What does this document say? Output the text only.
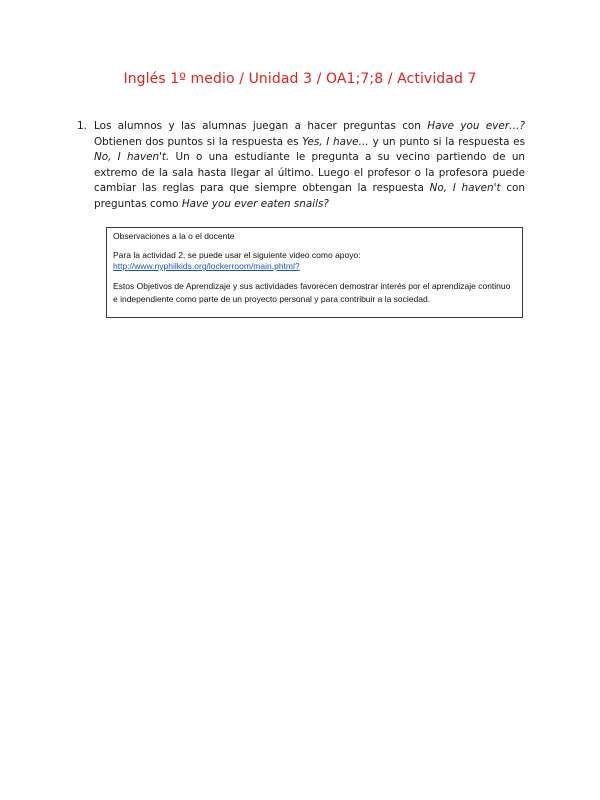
Inglés 1º medio / Unidad 3 / OA1;7;8 / Actividad 7
1. Los alumnos y las alumnas juegan a hacer preguntas con Have you ever…? Obtienen dos puntos si la respuesta es Yes, I have… y un punto si la respuesta es No, I haven't. Un o una estudiante le pregunta a su vecino partiendo de un extremo de la sala hasta llegar al último. Luego el profesor o la profesora puede cambiar las reglas para que siempre obtengan la respuesta No, I haven't con preguntas como Have you ever eaten snails?

Observaciones a la o el docente

Para la actividad 2, se puede usar el siguiente video como apoyo:

http://www.nyphilkids.org/lockerroom/main.phtml?

Estos Objetivos de Aprendizaje y sus actividades favorecen demostrar interés por el aprendizaje continuo e independiente como parte de un proyecto personal y para contribuir a la sociedad.
